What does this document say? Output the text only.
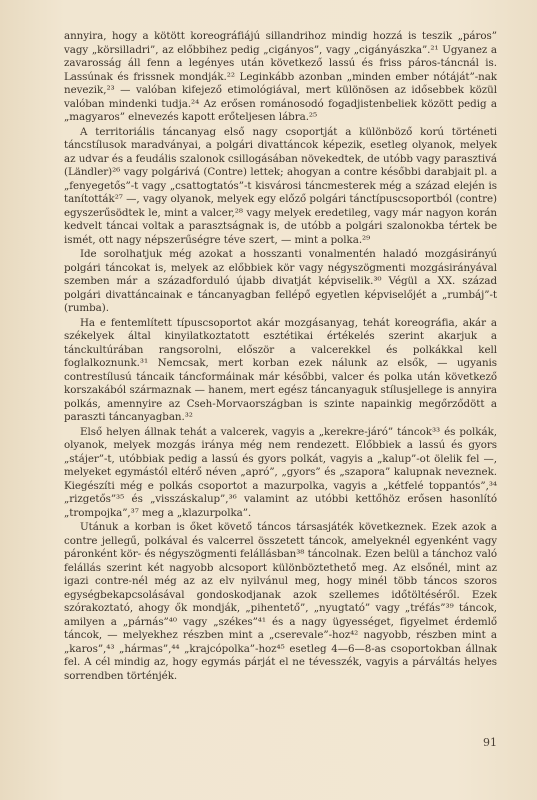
annyira, hogy a kötött koreográfiájú sillandrihoz mindig hozzá is teszik „páros” vagy „körsilladri”, az előbbihez pedig „cigányos”, vagy „cigányászka”.²¹ Ugyanez a zavarosság áll fenn a legényes után következő lassú és friss páros-táncnál is. Lassúnak és frissnek mondják.²² Leginkább azonban „minden ember nótáját”-nak nevezik,²³ — valóban kifejező etimológiával, mert különösen az idősebbek közül valóban mindenki tudja.²⁴ Az erősen románosodó fogadjistenbeliek között pedig a „magyaros” elnevezés kapott erőteljesen lábra.²⁵

A territoriális táncanyag első nagy csoportját a különböző korú történeti táncstílusok maradványai, a polgári divattáncok képezik, esetleg olyanok, melyek az udvar és a feudális szalonok csillogásában növekedtek, de utóbb vagy parasztivá (Ländler)²⁶ vagy polgárivá (Contre) lettek; ahogyan a contre későbbi darabjait pl. a „fenyegetős”-t vagy „csattogtatós”-t kisvárosi táncmesterek még a század elején is tanították²⁷ —, vagy olyanok, melyek egy előző polgári tánctípuscsoportból (contre) egyszerűsödtek le, mint a valcer,²⁸ vagy melyek eredetileg, vagy már nagyon korán kedvelt táncai voltak a parasztságnak is, de utóbb a polgári szalonokba tértek be ismét, ott nagy népszerűségre téve szert, — mint a polka.²⁹

Ide sorolhatjuk még azokat a hosszanti vonalmentén haladó mozgásirányú polgári táncokat is, melyek az előbbiek kör vagy négyszögmenti mozgásirányával szemben már a századforduló újabb divatját képviselik.³⁰ Végül a XX. század polgári divattáncainak e táncanyagban fellépő egyetlen képviselőjét a „rumbáj”-t (rumba).

Ha e fentemlített típuscsoportot akár mozgásanyag, tehát koreográfia, akár a székelyek által kinyilatkoztatott esztétikai értékelés szerint akarjuk a tánckultúrában rangsorolni, először a valcerekkel és polkákkal kell foglalkoznunk.³¹ Nemcsak, mert korban ezek nálunk az elsők, — ugyanis contrestílusú táncaik táncformáinak már későbbi, valcer és polka után következő korszakából származnak — hanem, mert egész táncanyaguk stílusjellege is annyira polkás, amennyire az Cseh-Morvaországban is szinte napainkig megőrződött a paraszti táncanyagban.³²

Első helyen állnak tehát a valcerek, vagyis a „kerekre-járó” táncok³³ és polkák, olyanok, melyek mozgás iránya még nem rendezett. Előbbiek a lassú és gyors „stájer”-t, utóbbiak pedig a lassú és gyors polkát, vagyis a „kalup”-ot ölelik fel —, melyeket egymástól eltérő néven „apró”, „gyors” és „szapora” kalupnak neveznek. Kiegészíti még e polkás csoportot a mazurpolka, vagyis a „kétfelé toppantós”,³⁴ „rizgetős”³⁵ és „visszáskalup”,³⁶ valamint az utóbbi kettőhöz erősen hasonlító „trompojka”,³⁷ meg a „klazurpolka”.

Utánuk a korban is őket követő táncos társasjáték következnek. Ezek azok a contre jellegű, polkával és valcerrel összetett táncok, amelyeknél egyenként vagy páronként kör- és négyszögmenti felállásban³⁸ táncolnak. Ezen belül a tánchoz való felállás szerint két nagyobb alcsoport különböztethető meg. Az elsőnél, mint az igazi contre-nél még az az elv nyilvánul meg, hogy minél több táncos szoros egységbekapcsolásával gondoskodjanak azok szellemes időtöltéséről. Ezek szórakoztató, ahogy ők mondják, „pihentető”, „nyugtató” vagy „tréfás”³⁹ táncok, amilyen a „párnás”⁴⁰ vagy „székes”⁴¹ és a nagy ügyességet, figyelmet érdemlő táncok, — melyekhez részben mint a „cserevale”-hoz⁴² nagyobb, részben mint a „karos”,⁴³ „hármas”,⁴⁴ „krajcópolka”-hoz⁴⁵ esetleg 4—6—8-as csoportokban állnak fel. A cél mindig az, hogy egymás párját el ne tévesszék, vagyis a párváltás helyes sorrendben történjék.

91
